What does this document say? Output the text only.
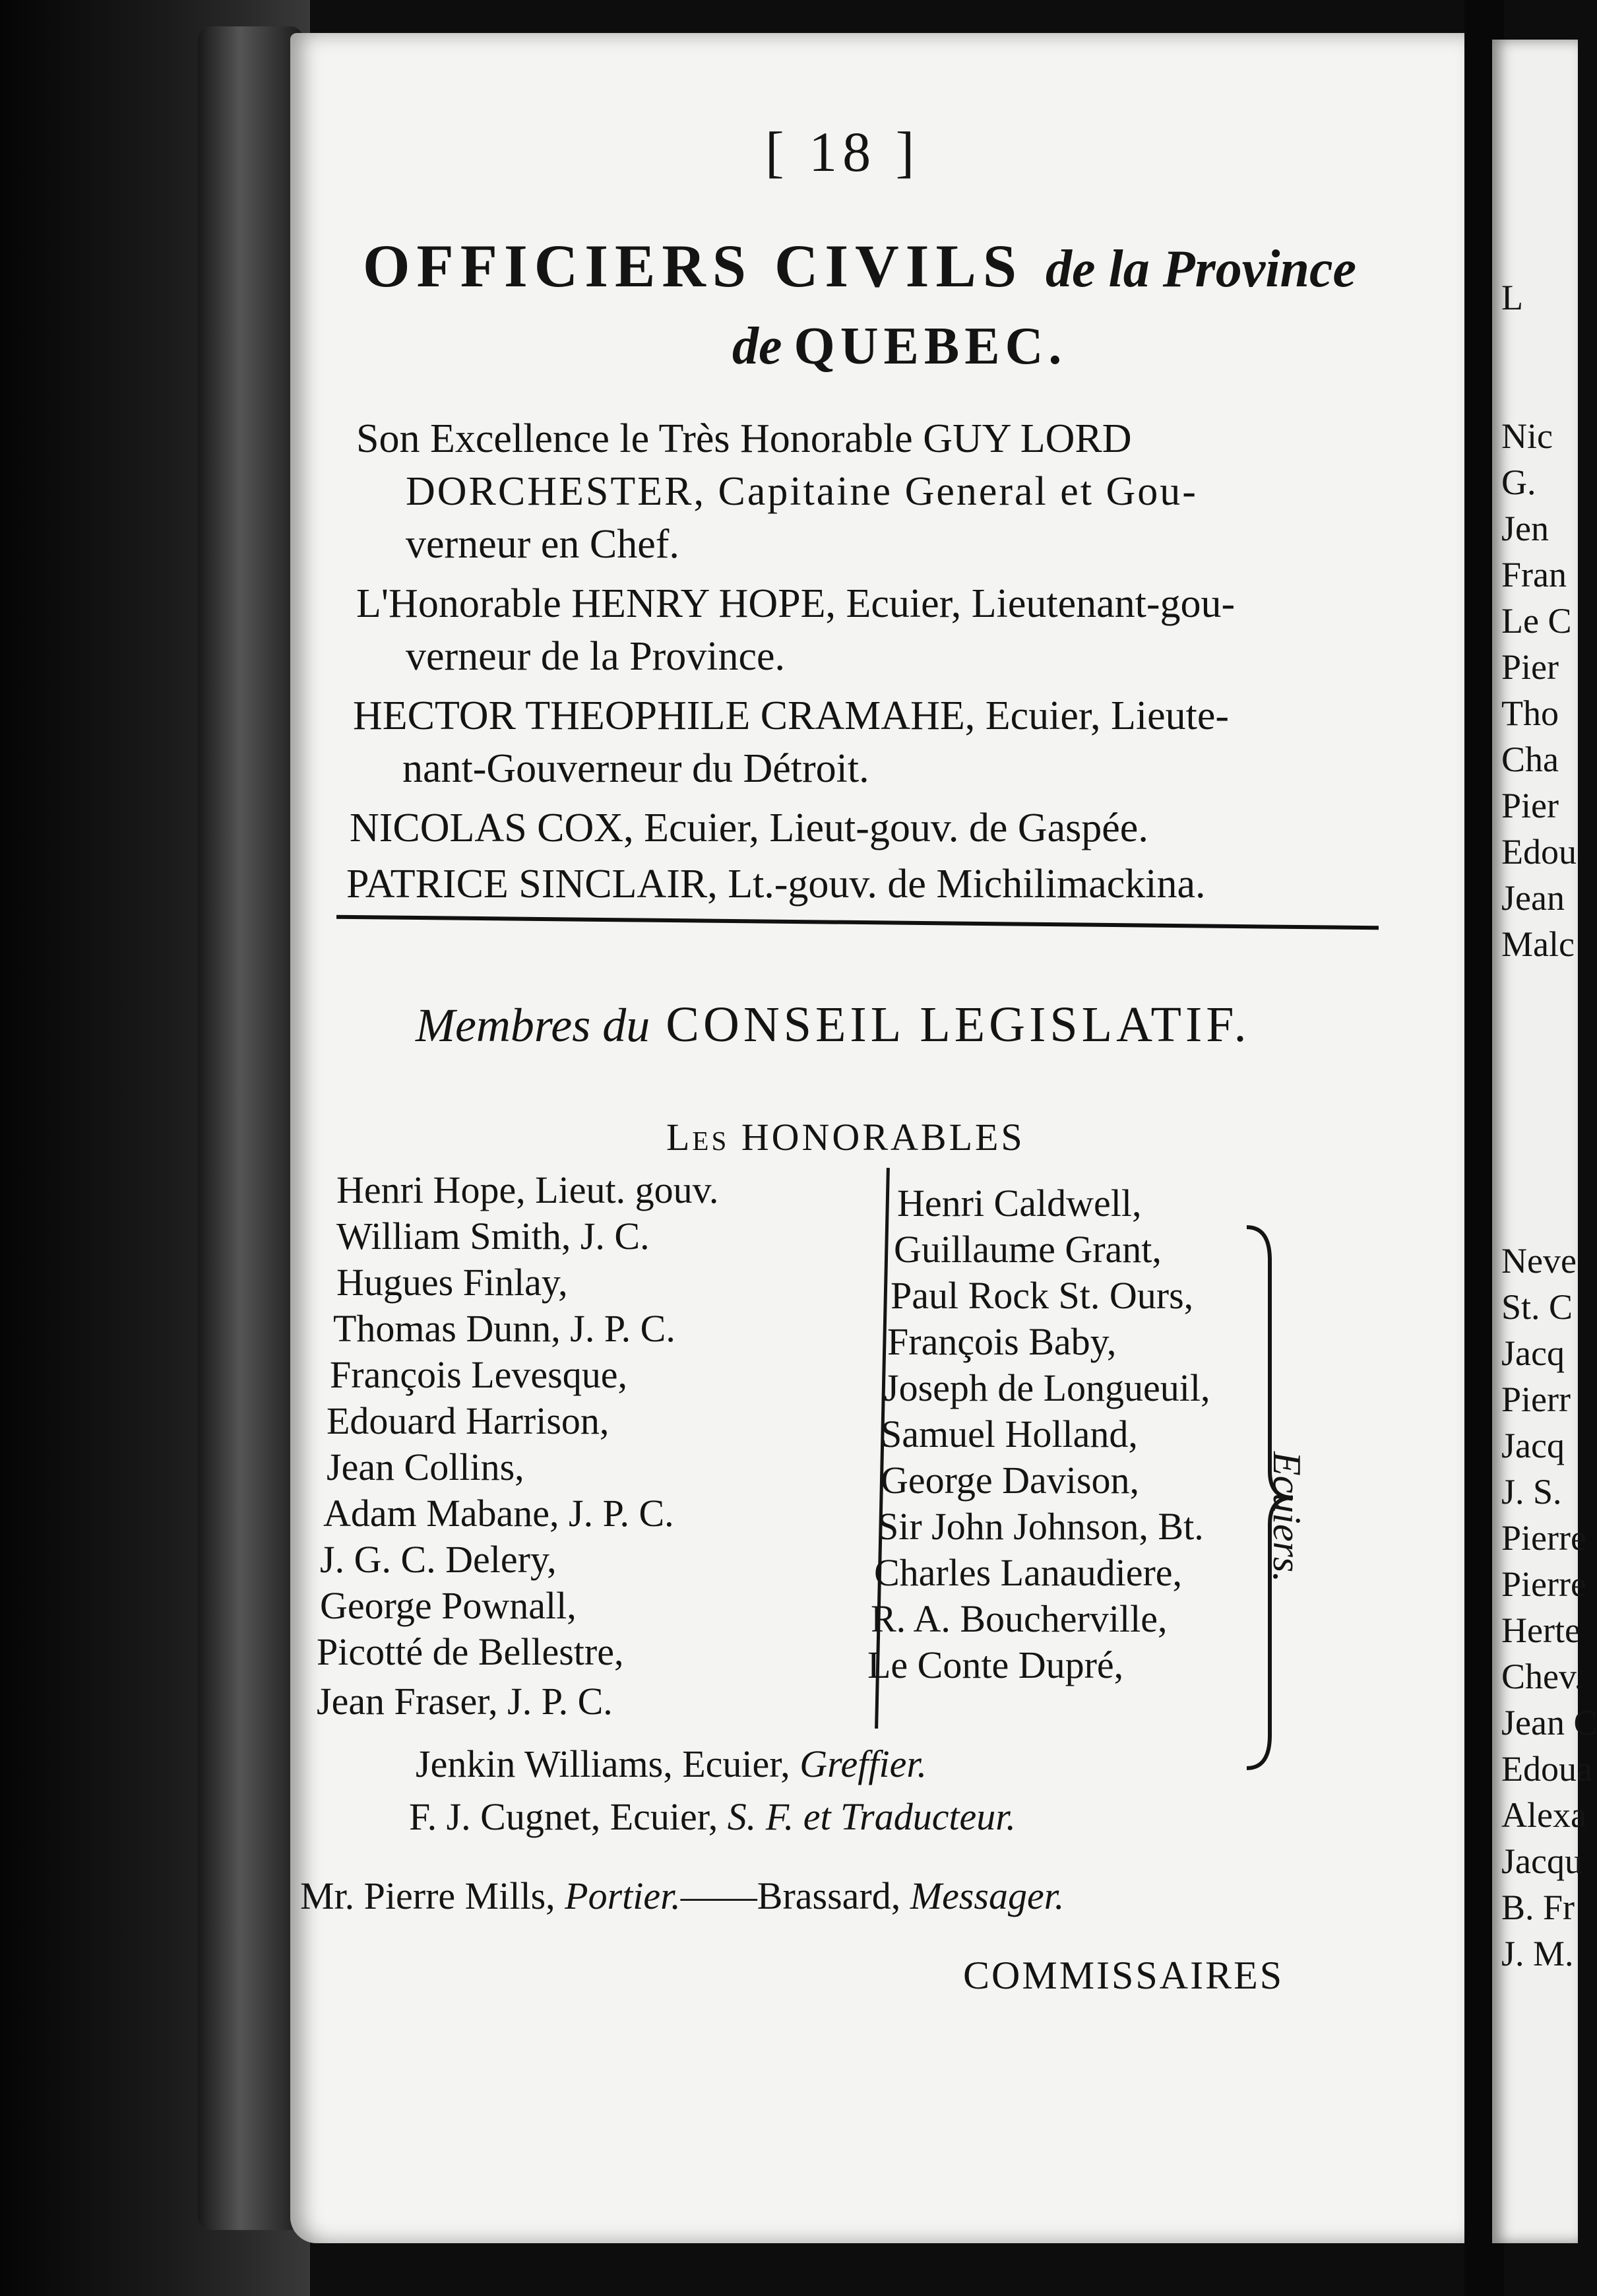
L
Nic
G.
Jen
Fran
Le C
Pier
Tho
Cha
Pier
Edou
Jean
Malc
Neve
St. C
Jacq
Pierr
Jacq
J. S.
Pierre
Pierre
Herte
Chev.
Jean C
Edoua
Alexa
Jacqu
B. Fr
J. M.
[ 18 ]
OFFICIERS CIVILS de la Province
de QUEBEC.
Son Excellence le Très Honorable GUY LORD
DORCHESTER, Capitaine General et Gou-
verneur en Chef.
L'Honorable HENRY HOPE, Ecuier, Lieutenant-gou-
verneur de la Province.
HECTOR THEOPHILE CRAMAHE, Ecuier, Lieute-
nant-Gouverneur du Détroit.
NICOLAS COX, Ecuier, Lieut-gouv. de Gaspée.
PATRICE SINCLAIR, Lt.-gouv. de Michilimackina.
Membres du CONSEIL LEGISLATIF.
Les HONORABLES
Henri Hope, Lieut. gouv.
William Smith, J. C.
Hugues Finlay,
Thomas Dunn, J. P. C.
François Levesque,
Edouard Harrison,
Jean Collins,
Adam Mabane, J. P. C.
J. G. C. Delery,
George Pownall,
Picotté de Bellestre,
Jean Fraser, J. P. C.
Henri Caldwell,
Guillaume Grant,
Paul Rock St. Ours,
François Baby,
Joseph de Longueuil,
Samuel Holland,
George Davison,
Sir John Johnson, Bt.
Charles Lanaudiere,
R. A. Boucherville,
Le Conte Dupré,
Ecuiers.
Jenkin Williams, Ecuier, Greffier.
F. J. Cugnet, Ecuier, S. F. et Traducteur.
Mr. Pierre Mills, Portier.——Brassard, Messager.
COMMISSAIRES
